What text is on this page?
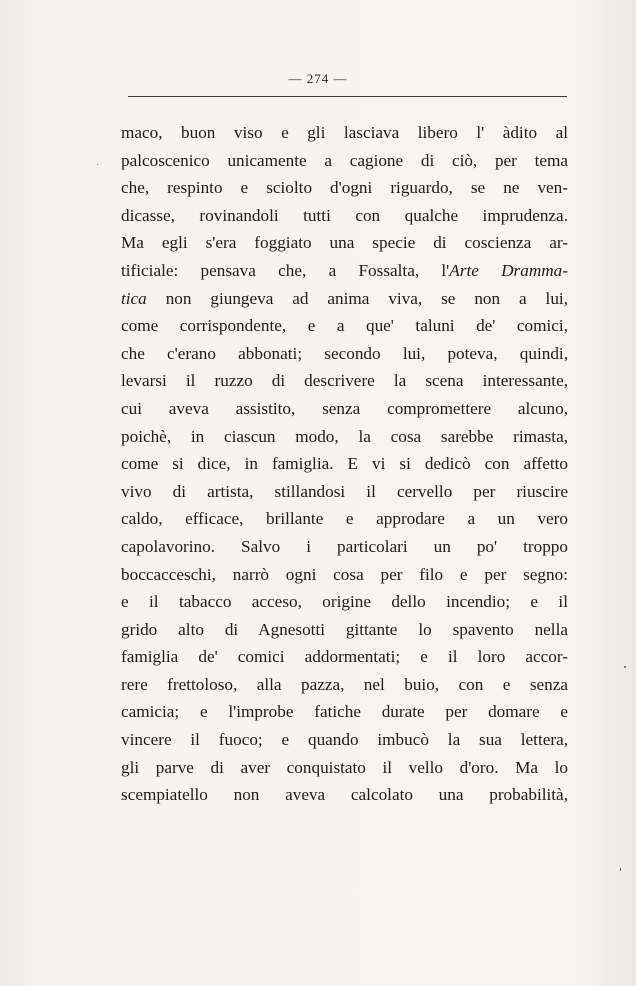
— 274 —
maco, buon viso e gli lasciava libero l' àdito al
palcoscenico unicamente a cagione di ciò, per tema
che, respinto e sciolto d'ogni riguardo, se ne ven-
dicasse, rovinandoli tutti con qualche imprudenza.
Ma egli s'era foggiato una specie di coscienza ar-
tificiale: pensava che, a Fossalta, l'Arte Dramma-
tica non giungeva ad anima viva, se non a lui,
come corrispondente, e a que' taluni de' comici,
che c'erano abbonati; secondo lui, poteva, quindi,
levarsi il ruzzo di descrivere la scena interessante,
cui aveva assistito, senza compromettere alcuno,
poichè, in ciascun modo, la cosa sarebbe rimasta,
come si dice, in famiglia. E vi si dedicò con affetto
vivo di artista, stillandosi il cervello per riuscire
caldo, efficace, brillante e approdare a un vero
capolavorino. Salvo i particolari un po' troppo
boccacceschi, narrò ogni cosa per filo e per segno:
e il tabacco acceso, origine dello incendio; e il
grido alto di Agnesotti gittante lo spavento nella
famiglia de' comici addormentati; e il loro accor-
rere frettoloso, alla pazza, nel buio, con e senza
camicia; e l'improbe fatiche durate per domare e
vincere il fuoco; e quando imbucò la sua lettera,
gli parve di aver conquistato il vello d'oro. Ma lo
scempiatello non aveva calcolato una probabilità,
